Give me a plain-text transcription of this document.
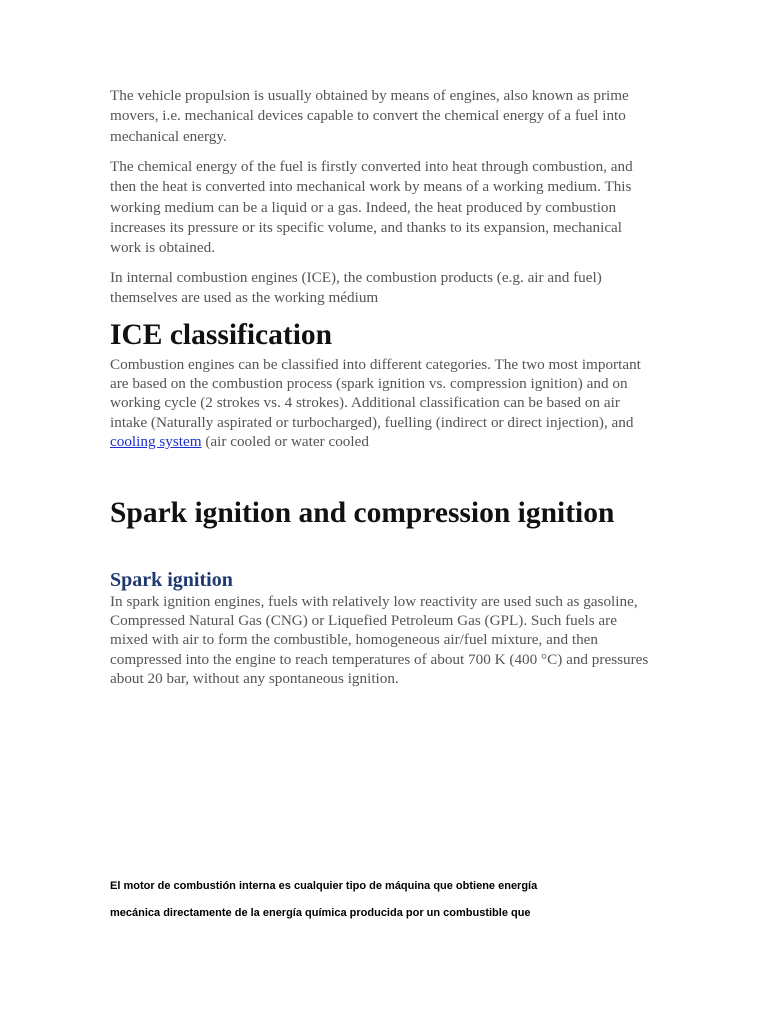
The vehicle propulsion is usually obtained by means of engines, also known as prime movers, i.e. mechanical devices capable to convert the chemical energy of a fuel into mechanical energy.

The chemical energy of the fuel is firstly converted into heat through combustion, and then the heat is converted into mechanical work by means of a working medium. This working medium can be a liquid or a gas. Indeed, the heat produced by combustion increases its pressure or its specific volume, and thanks to its expansion, mechanical work is obtained.

In internal combustion engines (ICE), the combustion products (e.g. air and fuel) themselves are used as the working médium

ICE classification

Combustion engines can be classified into different categories. The two most important are based on the combustion process (spark ignition vs. compression ignition) and on working cycle (2 strokes vs. 4 strokes). Additional classification can be based on air intake (Naturally aspirated or turbocharged), fuelling (indirect or direct injection), and cooling system (air cooled or water cooled

Spark ignition and compression ignition
Spark ignition

In spark ignition engines, fuels with relatively low reactivity are used such as gasoline, Compressed Natural Gas (CNG) or Liquefied Petroleum Gas (GPL). Such fuels are mixed with air to form the combustible, homogeneous air/fuel mixture, and then compressed into the engine to reach temperatures of about 700 K (400 °C) and pressures about 20 bar, without any spontaneous ignition.

El motor de combustión interna es cualquier tipo de máquina que obtiene energía

mecánica directamente de la energía química producida por un combustible que
